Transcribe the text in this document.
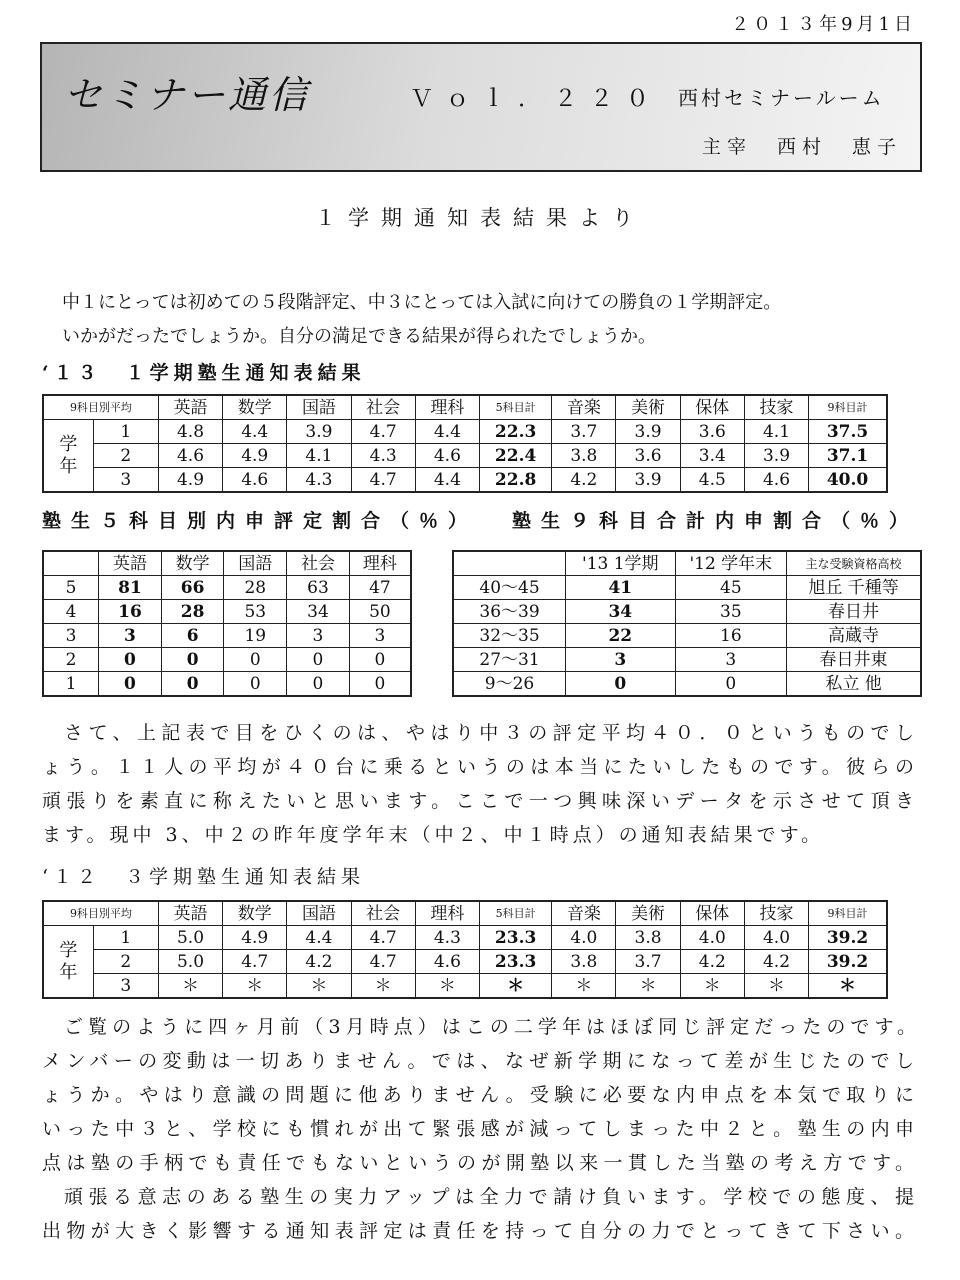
２０１３年9月1日
セミナー通信	Ｖｏｌ．２２０ 西村セミナールーム
主宰　西村　恵子
１学期通知表結果より
中１にとっては初めての５段階評定、中３にとっては入試に向けての勝負の１学期評定。
いかがだったでしょうか。自分の満足できる結果が得られたでしょうか。
‘１３　１学期塾生通知表結果
9科目別平均		英語	数学	国語	社会	理科	5科目計	音楽	美術	保体	技家	9科目計
学年	1	4.8	4.4	3.9	4.7	4.4	22.3	3.7	3.9	3.6	4.1	37.5
	2	4.6	4.9	4.1	4.3	4.6	22.4	3.8	3.6	3.4	3.9	37.1
	3	4.9	4.6	4.3	4.7	4.4	22.8	4.2	3.9	4.5	4.6	40.0
塾生５科目別内申評定割合（％） 塾生９科目合計内申割合（％）
	英語	数学	国語	社会	理科
5	81	66	28	63	47
4	16	28	53	34	50
3	3	6	19	3	3
2	0	0	0	0	0
1	0	0	0	0	0
	'13 1学期	'12 学年末	主な受験資格高校
40～45	41	45	旭丘 千種等
36～39	34	35	春日井
32～35	22	16	高蔵寺
27～31	3	3	春日井東
9～26	0	0	私立 他
さて、上記表で目をひくのは、やはり中３の評定平均４０．０というものでし
ょう。１１人の平均が４０台に乗るというのは本当にたいしたものです。彼らの
頑張りを素直に称えたいと思います。ここで一つ興味深いデータを示させて頂き
ます。現中 3、中２の昨年度学年末（中２、中１時点）の通知表結果です。
‘１２　３学期塾生通知表結果
9科目別平均		英語	数学	国語	社会	理科	5科目計	音楽	美術	保体	技家	9科目計
学年	1	5.0	4.9	4.4	4.7	4.3	23.3	4.0	3.8	4.0	4.0	39.2
	2	5.0	4.7	4.2	4.7	4.6	23.3	3.8	3.7	4.2	4.2	39.2
	3	＊	＊	＊	＊	＊	＊	＊	＊	＊	＊	＊
ご覧のように四ヶ月前（3月時点）はこの二学年はほぼ同じ評定だったのです。
メンバーの変動は一切ありません。では、なぜ新学期になって差が生じたのでし
ょうか。やはり意識の問題に他ありません。受験に必要な内申点を本気で取りに
いった中３と、学校にも慣れが出て緊張感が減ってしまった中２と。塾生の内申
点は塾の手柄でも責任でもないというのが開塾以来一貫した当塾の考え方です。
頑張る意志のある塾生の実力アップは全力で請け負います。学校での態度、提
出物が大きく影響する通知表評定は責任を持って自分の力でとってきて下さい。
